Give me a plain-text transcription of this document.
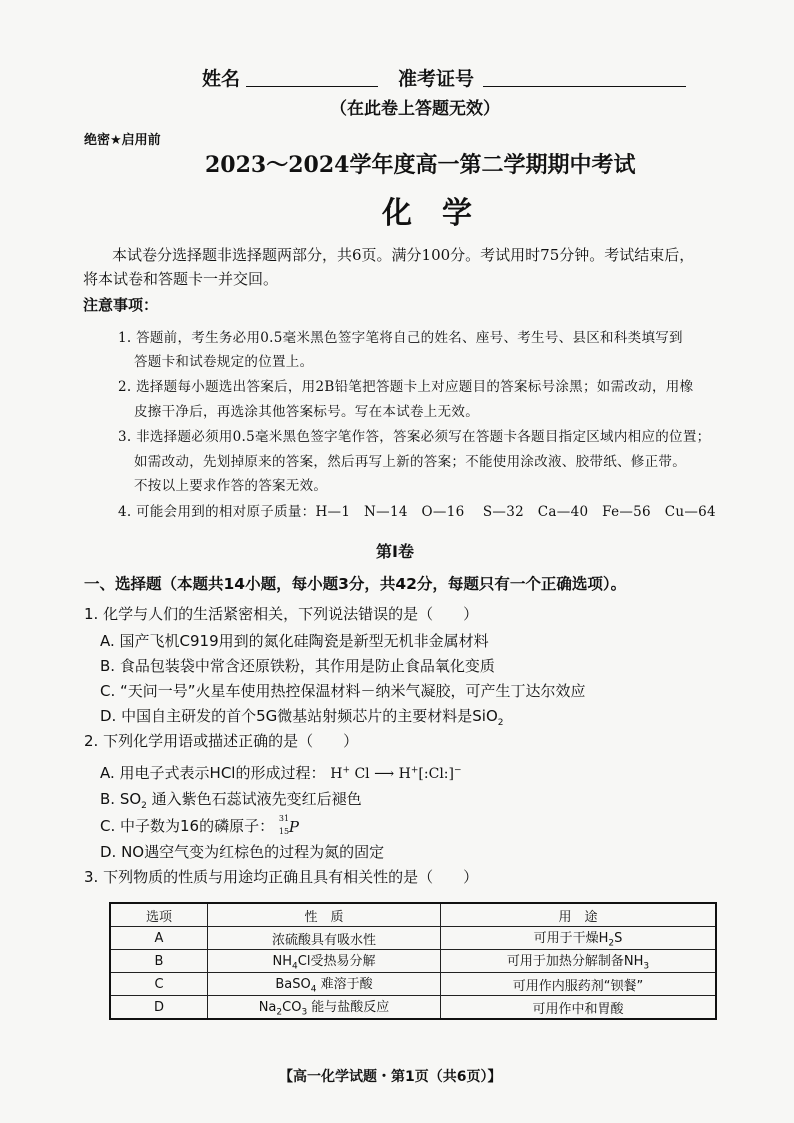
姓名	准考证号
（在此卷上答题无效）
绝密★启用前
2023～2024学年度高一第二学期期中考试
化　学
本试卷分选择题非选择题两部分，共6页。满分100分。考试用时75分钟。考试结束后，
将本试卷和答题卡一并交回。
注意事项：
1. 答题前，考生务必用0.5毫米黑色签字笔将自己的姓名、座号、考生号、县区和科类填写到
答题卡和试卷规定的位置上。
2. 选择题每小题选出答案后，用2B铅笔把答题卡上对应题目的答案标号涂黑；如需改动，用橡
皮擦干净后，再选涂其他答案标号。写在本试卷上无效。
3. 非选择题必须用0.5毫米黑色签字笔作答，答案必须写在答题卡各题目指定区域内相应的位置；
如需改动，先划掉原来的答案，然后再写上新的答案；不能使用涂改液、胶带纸、修正带。
不按以上要求作答的答案无效。
4. 可能会用到的相对原子质量：H—1　N—14　O—16　 S—32　Ca—40　Fe—56　Cu—64
第Ⅰ卷
一、选择题（本题共14小题，每小题3分，共42分，每题只有一个正确选项）。
1. 化学与人们的生活紧密相关，下列说法错误的是（　　）
A. 国产飞机C919用到的氮化硅陶瓷是新型无机非金属材料
B. 食品包装袋中常含还原铁粉，其作用是防止食品氧化变质
C. “天问一号”火星车使用热控保温材料－纳米气凝胶，可产生丁达尔效应
D. 中国自主研发的首个5G微基站射频芯片的主要材料是SiO$_2$
2. 下列化学用语或描述正确的是（　　）
A. 用电子式表示HCl的形成过程： H+ Cl ⟶ H+[:Cl:]−
B. $SO_2$ 通入紫色石蕊试液先变红后褪色
C. 中子数为16的磷原子： 31
15 P
D. NO遇空气变为红棕色的过程为氮的固定
3. 下列物质的性质与用途均正确且具有相关性的是（　　）
选项	性　质	用　途
A	浓硫酸具有吸水性	可用于干燥$H_2S$
B	$NH_4Cl$受热易分解	可用于加热分解制备$NH_3$
C	BaSO$_4$ 难溶于酸	可用作内服药剂“钡餐”
D	$Na_2CO_3$ 能与盐酸反应	可用作中和胃酸
【高一化学试题・第1页（共6页）】
